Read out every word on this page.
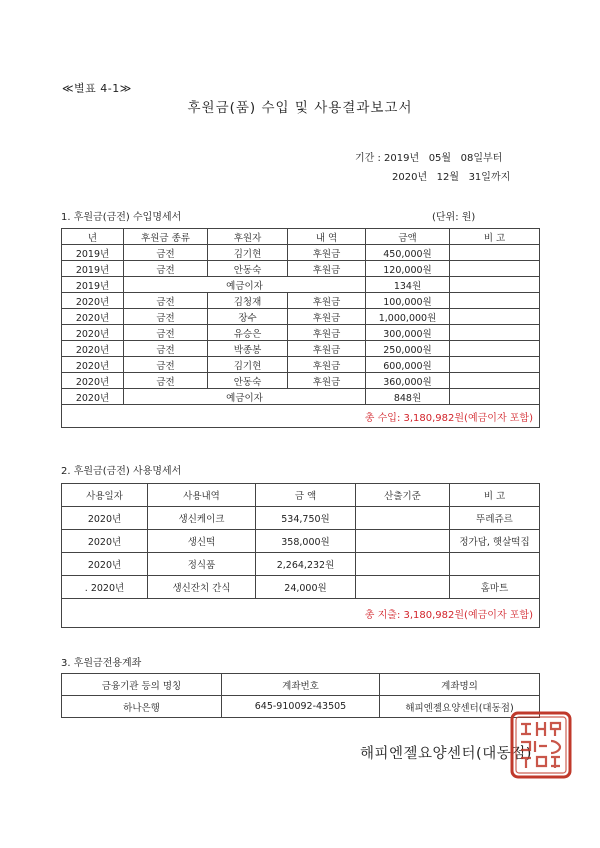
≪별표 4-1≫
후원금(품) 수입 및 사용결과보고서
기간 : 2019년   05월   08일부터
2020년   12월   31일까지
1. 후원금(금전) 수입명세서	(단위: 원)
년	후원금 종류	후원자	내 역	금액	비 고
2019년	금전	김기현	후원금	450,000원	
2019년	금전	안동숙	후원금	120,000원	
2019년	예금이자			134원	
2020년	금전	김청재	후원금	100,000원	
2020년	금전	장수	후원금	1,000,000원	
2020년	금전	유승은	후원금	300,000원	
2020년	금전	박종봉	후원금	250,000원	
2020년	금전	김기현	후원금	600,000원	
2020년	금전	안동숙	후원금	360,000원	
2020년	예금이자			848원	
총 수입: 3,180,982원(예금이자 포함)					
2. 후원금(금전) 사용명세서
사용일자	사용내역	금 액	산출기준	비 고
2020년	생신케이크	534,750원		뚜레쥬르
2020년	생신떡	358,000원		정가담, 햇살떡집
2020년	정식품	2,264,232원		
. 2020년	생신잔치 간식	24,000원		홈마트
총 지출: 3,180,982원(예금이자 포함)				
3. 후원금전용계좌
금융기관 등의 명칭	계좌번호	계좌명의
하나은행	645-910092-43505	해피엔젤요양센터(대동점)
해피엔젤요양센터(대동점)
